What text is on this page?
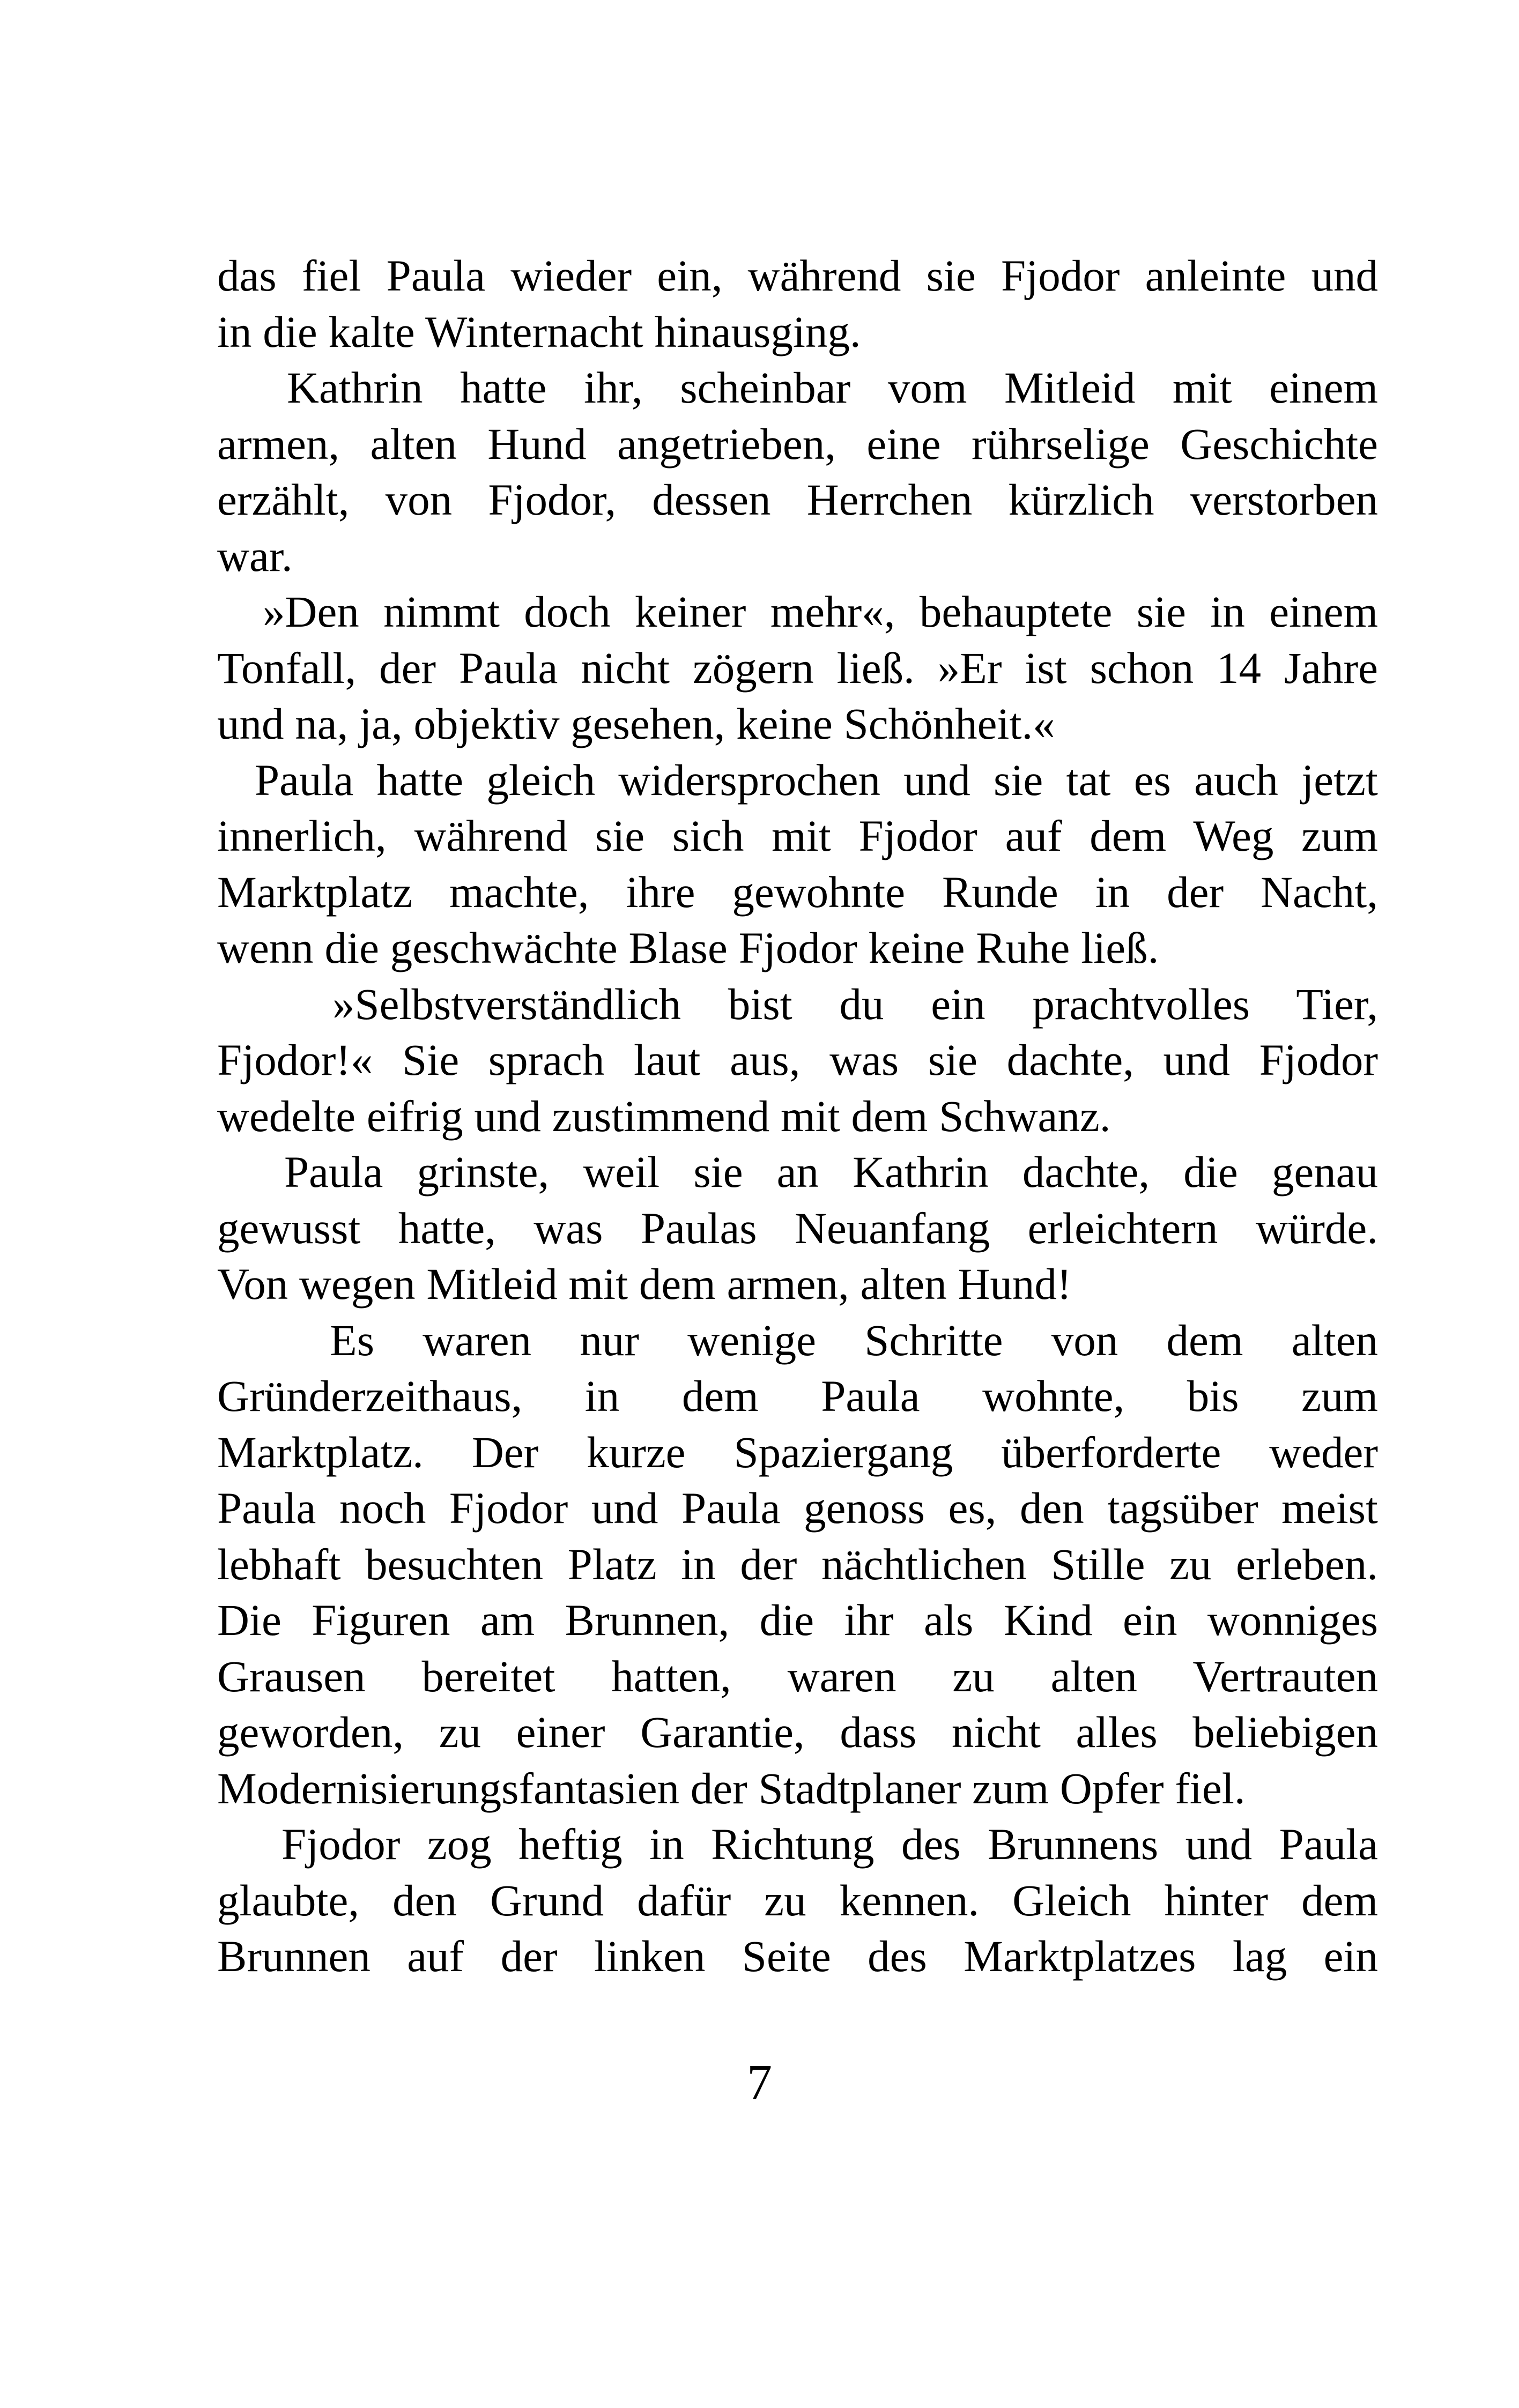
das fiel Paula wieder ein, während sie Fjodor anleinte und
in die kalte Winternacht hinausging.
Kathrin hatte ihr, scheinbar vom Mitleid mit einem
armen, alten Hund angetrieben, eine rührselige Geschichte
erzählt, von Fjodor, dessen Herrchen kürzlich verstorben
war.
»Den nimmt doch keiner mehr«, behauptete sie in einem
Tonfall, der Paula nicht zögern ließ. »Er ist schon 14 Jahre
und na, ja, objektiv gesehen, keine Schönheit.«
Paula hatte gleich widersprochen und sie tat es auch jetzt
innerlich, während sie sich mit Fjodor auf dem Weg zum
Marktplatz machte, ihre gewohnte Runde in der Nacht,
wenn die geschwächte Blase Fjodor keine Ruhe ließ.
»Selbstverständlich bist du ein prachtvolles Tier,
Fjodor!« Sie sprach laut aus, was sie dachte, und Fjodor
wedelte eifrig und zustimmend mit dem Schwanz.
Paula grinste, weil sie an Kathrin dachte, die genau
gewusst hatte, was Paulas Neuanfang erleichtern würde.
Von wegen Mitleid mit dem armen, alten Hund!
Es waren nur wenige Schritte von dem alten
Gründerzeithaus, in dem Paula wohnte, bis zum
Marktplatz. Der kurze Spaziergang überforderte weder
Paula noch Fjodor und Paula genoss es, den tagsüber meist
lebhaft besuchten Platz in der nächtlichen Stille zu erleben.
Die Figuren am Brunnen, die ihr als Kind ein wonniges
Grausen bereitet hatten, waren zu alten Vertrauten
geworden, zu einer Garantie, dass nicht alles beliebigen
Modernisierungsfantasien der Stadtplaner zum Opfer fiel.
Fjodor zog heftig in Richtung des Brunnens und Paula
glaubte, den Grund dafür zu kennen. Gleich hinter dem
Brunnen auf der linken Seite des Marktplatzes lag ein
7
